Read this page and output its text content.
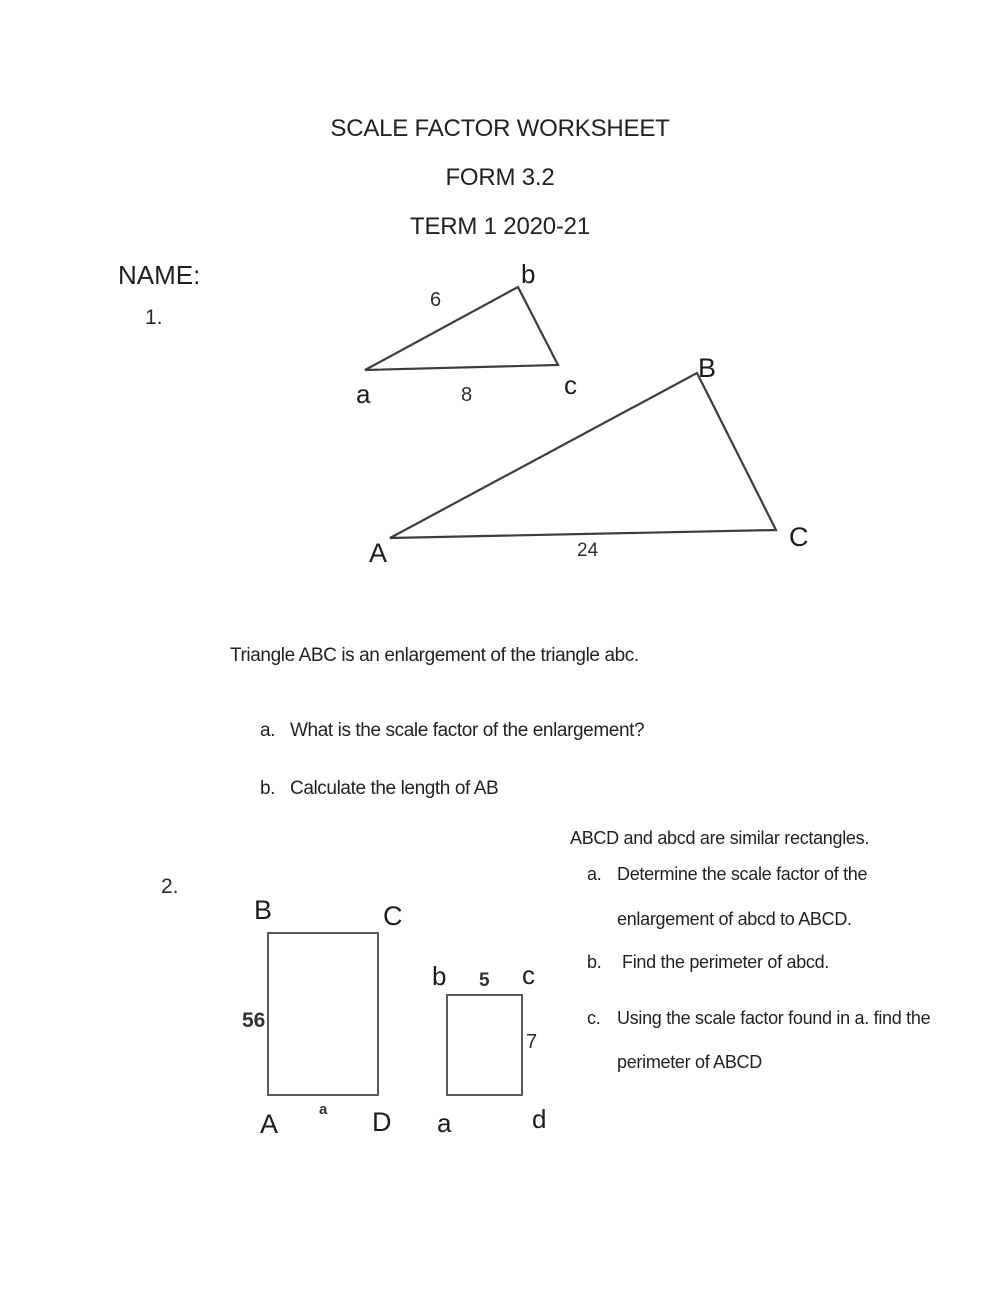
SCALE FACTOR WORKSHEET
FORM 3.2
TERM 1 2020-21
NAME:
1.
b
6
a	8	c
B
A	24	C
Triangle ABC is an enlargement of the triangle abc.
a. What is the scale factor of the enlargement?
b. Calculate the length of AB
2.
ABCD and abcd are similar rectangles.
a. Determine the scale factor of the
enlargement of abcd to ABCD.
b. Find the perimeter of abcd.
c. Using the scale factor found in a. find the
perimeter of ABCD
B	C
56
A	a D
b 5 c
7
a	d
